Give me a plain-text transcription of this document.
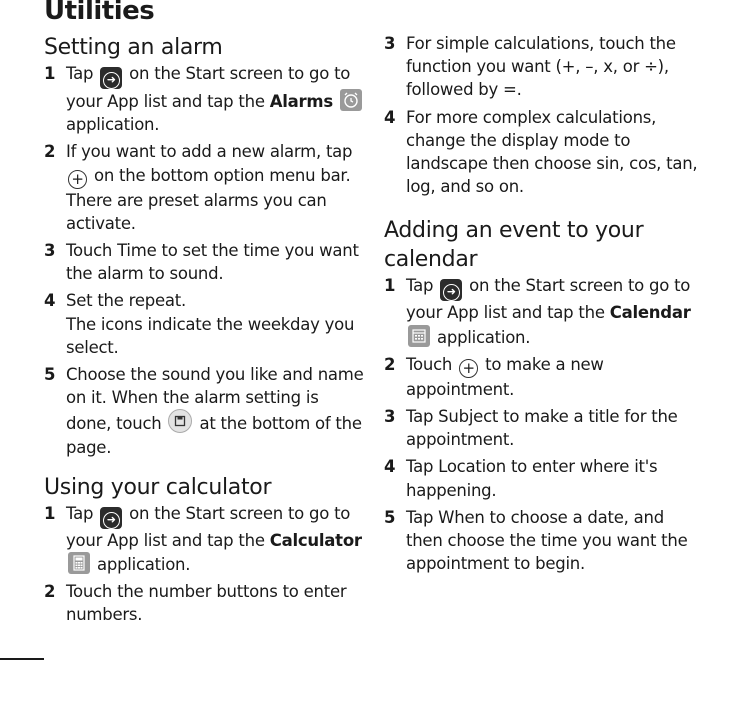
Utilities
Setting an alarm
1 Tap ➜ on the Start screen to go to your App list and tap the Alarms
application.
2 If you want to add a new alarm, tap + on the bottom option menu bar. There are preset alarms you can activate.
3 Touch Time to set the time you want the alarm to sound.
4 Set the repeat.
The icons indicate the weekday you select.
5 Choose the sound you like and name on it. When the alarm setting is done, touch
at the bottom of the page.
Using your calculator
1 Tap ➜ on the Start screen to go to your App list and tap the Calculator
application.
2 Touch the number buttons to enter numbers.
3 For simple calculations, touch the function you want (+, –, x, or ÷), followed by =.
4 For more complex calculations, change the display mode to landscape then choose sin, cos, tan, log, and so on.
Adding an event to your calendar
1 Tap ➜ on the Start screen to go to your App list and tap the Calendar
application.
2 Touch + to make a new appointment.
3 Tap Subject to make a title for the appointment.
4 Tap Location to enter where it's happening.
5 Tap When to choose a date, and then choose the time you want the appointment to begin.
